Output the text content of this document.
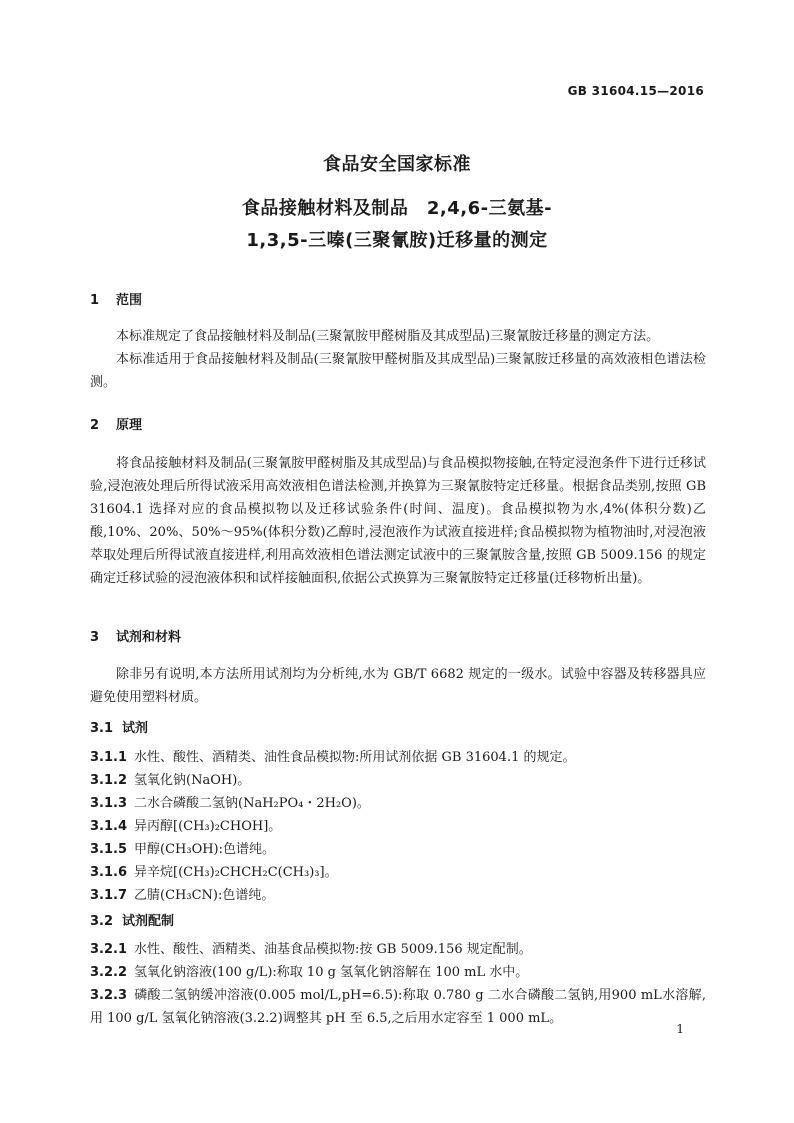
GB 31604.15—2016
食品安全国家标准
食品接触材料及制品　2,4,6-三氨基-
1,3,5-三嗪(三聚氰胺)迁移量的测定
1 范围
本标准规定了食品接触材料及制品(三聚氰胺甲醛树脂及其成型品)三聚氰胺迁移量的测定方法。
本标准适用于食品接触材料及制品(三聚氰胺甲醛树脂及其成型品)三聚氰胺迁移量的高效液相色谱法检测。
2 原理
将食品接触材料及制品(三聚氰胺甲醛树脂及其成型品)与食品模拟物接触,在特定浸泡条件下进行迁移试验,浸泡液处理后所得试液采用高效液相色谱法检测,并换算为三聚氰胺特定迁移量。根据食品类别,按照 GB 31604.1 选择对应的食品模拟物以及迁移试验条件(时间、温度)。食品模拟物为水,4%(体积分数)乙酸,10%、20%、50%～95%(体积分数)乙醇时,浸泡液作为试液直接进样;食品模拟物为植物油时,对浸泡液萃取处理后所得试液直接进样,利用高效液相色谱法测定试液中的三聚氰胺含量,按照 GB 5009.156 的规定确定迁移试验的浸泡液体积和试样接触面积,依据公式换算为三聚氰胺特定迁移量(迁移物析出量)。
3 试剂和材料
除非另有说明,本方法所用试剂均为分析纯,水为 GB/T 6682 规定的一级水。试验中容器及转移器具应避免使用塑料材质。
3.1 试剂
3.1.1 水性、酸性、酒精类、油性食品模拟物:所用试剂依据 GB 31604.1 的规定。
3.1.2 氢氧化钠(NaOH)。
3.1.3 二水合磷酸二氢钠(NaH₂PO₄・2H₂O)。
3.1.4 异丙醇[(CH₃)₂CHOH]。
3.1.5 甲醇(CH₃OH):色谱纯。
3.1.6 异辛烷[(CH₃)₂CHCH₂C(CH₃)₃]。
3.1.7 乙腈(CH₃CN):色谱纯。
3.2 试剂配制
3.2.1 水性、酸性、酒精类、油基食品模拟物:按 GB 5009.156 规定配制。
3.2.2 氢氧化钠溶液(100 g/L):称取 10 g 氢氧化钠溶解在 100 mL 水中。
3.2.3 磷酸二氢钠缓冲溶液(0.005 mol/L,pH=6.5):称取 0.780 g 二水合磷酸二氢钠,用900 mL水溶解,用 100 g/L 氢氧化钠溶液(3.2.2)调整其 pH 至 6.5,之后用水定容至 1 000 mL。
1
